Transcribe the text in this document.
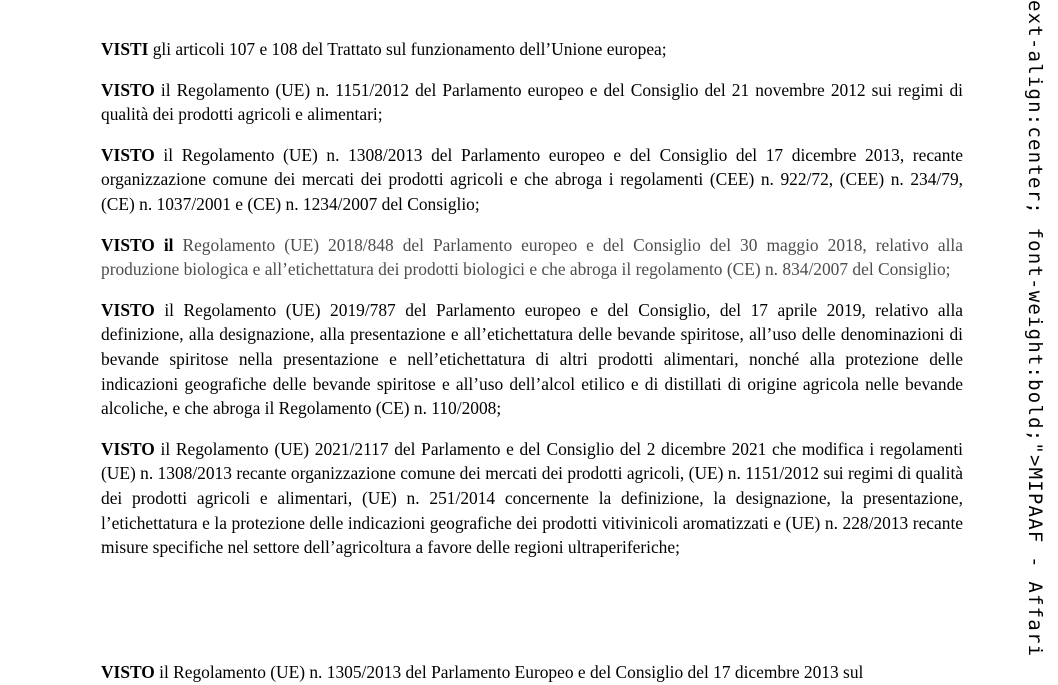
VISTI gli articoli 107 e 108 del Trattato sul funzionamento dell’Unione europea;

VISTO il Regolamento (UE) n. 1151/2012 del Parlamento europeo e del Consiglio del 21 novembre 2012 sui regimi di qualità dei prodotti agricoli e alimentari;

VISTO il Regolamento (UE) n. 1308/2013 del Parlamento europeo e del Consiglio del 17 dicembre 2013, recante organizzazione comune dei mercati dei prodotti agricoli e che abroga i regolamenti (CEE) n. 922/72, (CEE) n. 234/79, (CE) n. 1037/2001 e (CE) n. 1234/2007 del Consiglio;

VISTO il Regolamento (UE) 2018/848 del Parlamento europeo e del Consiglio del 30 maggio 2018, relativo alla produzione biologica e all’etichettatura dei prodotti biologici e che abroga il regolamento (CE) n. 834/2007 del Consiglio;

VISTO il Regolamento (UE) 2019/787 del Parlamento europeo e del Consiglio, del 17 aprile 2019, relativo alla definizione, alla designazione, alla presentazione e all’etichettatura delle bevande spiritose, all’uso delle denominazioni di bevande spiritose nella presentazione e nell’etichettatura di altri prodotti alimentari, nonché alla protezione delle indicazioni geografiche delle bevande spiritose e all’uso dell’alcol etilico e di distillati di origine agricola nelle bevande alcoliche, e che abroga il Regolamento (CE) n. 110/2008;

VISTO il Regolamento (UE) 2021/2117 del Parlamento e del Consiglio del 2 dicembre 2021 che modifica i regolamenti (UE) n. 1308/2013 recante organizzazione comune dei mercati dei prodotti agricoli, (UE) n. 1151/2012 sui regimi di qualità dei prodotti agricoli e alimentari, (UE) n. 251/2014 concernente la definizione, la designazione, la presentazione, l’etichettatura e la protezione delle indicazioni geografiche dei prodotti vitivinicoli aromatizzati e (UE) n. 228/2013 recante misure specifiche nel settore dell’agricoltura a favore delle regioni ultraperiferiche;

VISTO il Regolamento (UE) n. 1305/2013 del Parlamento Europeo e del Consiglio del 17 dicembre 2013 sul
ext-align:center; font-weight:bold;">MIPAAF - Affari
